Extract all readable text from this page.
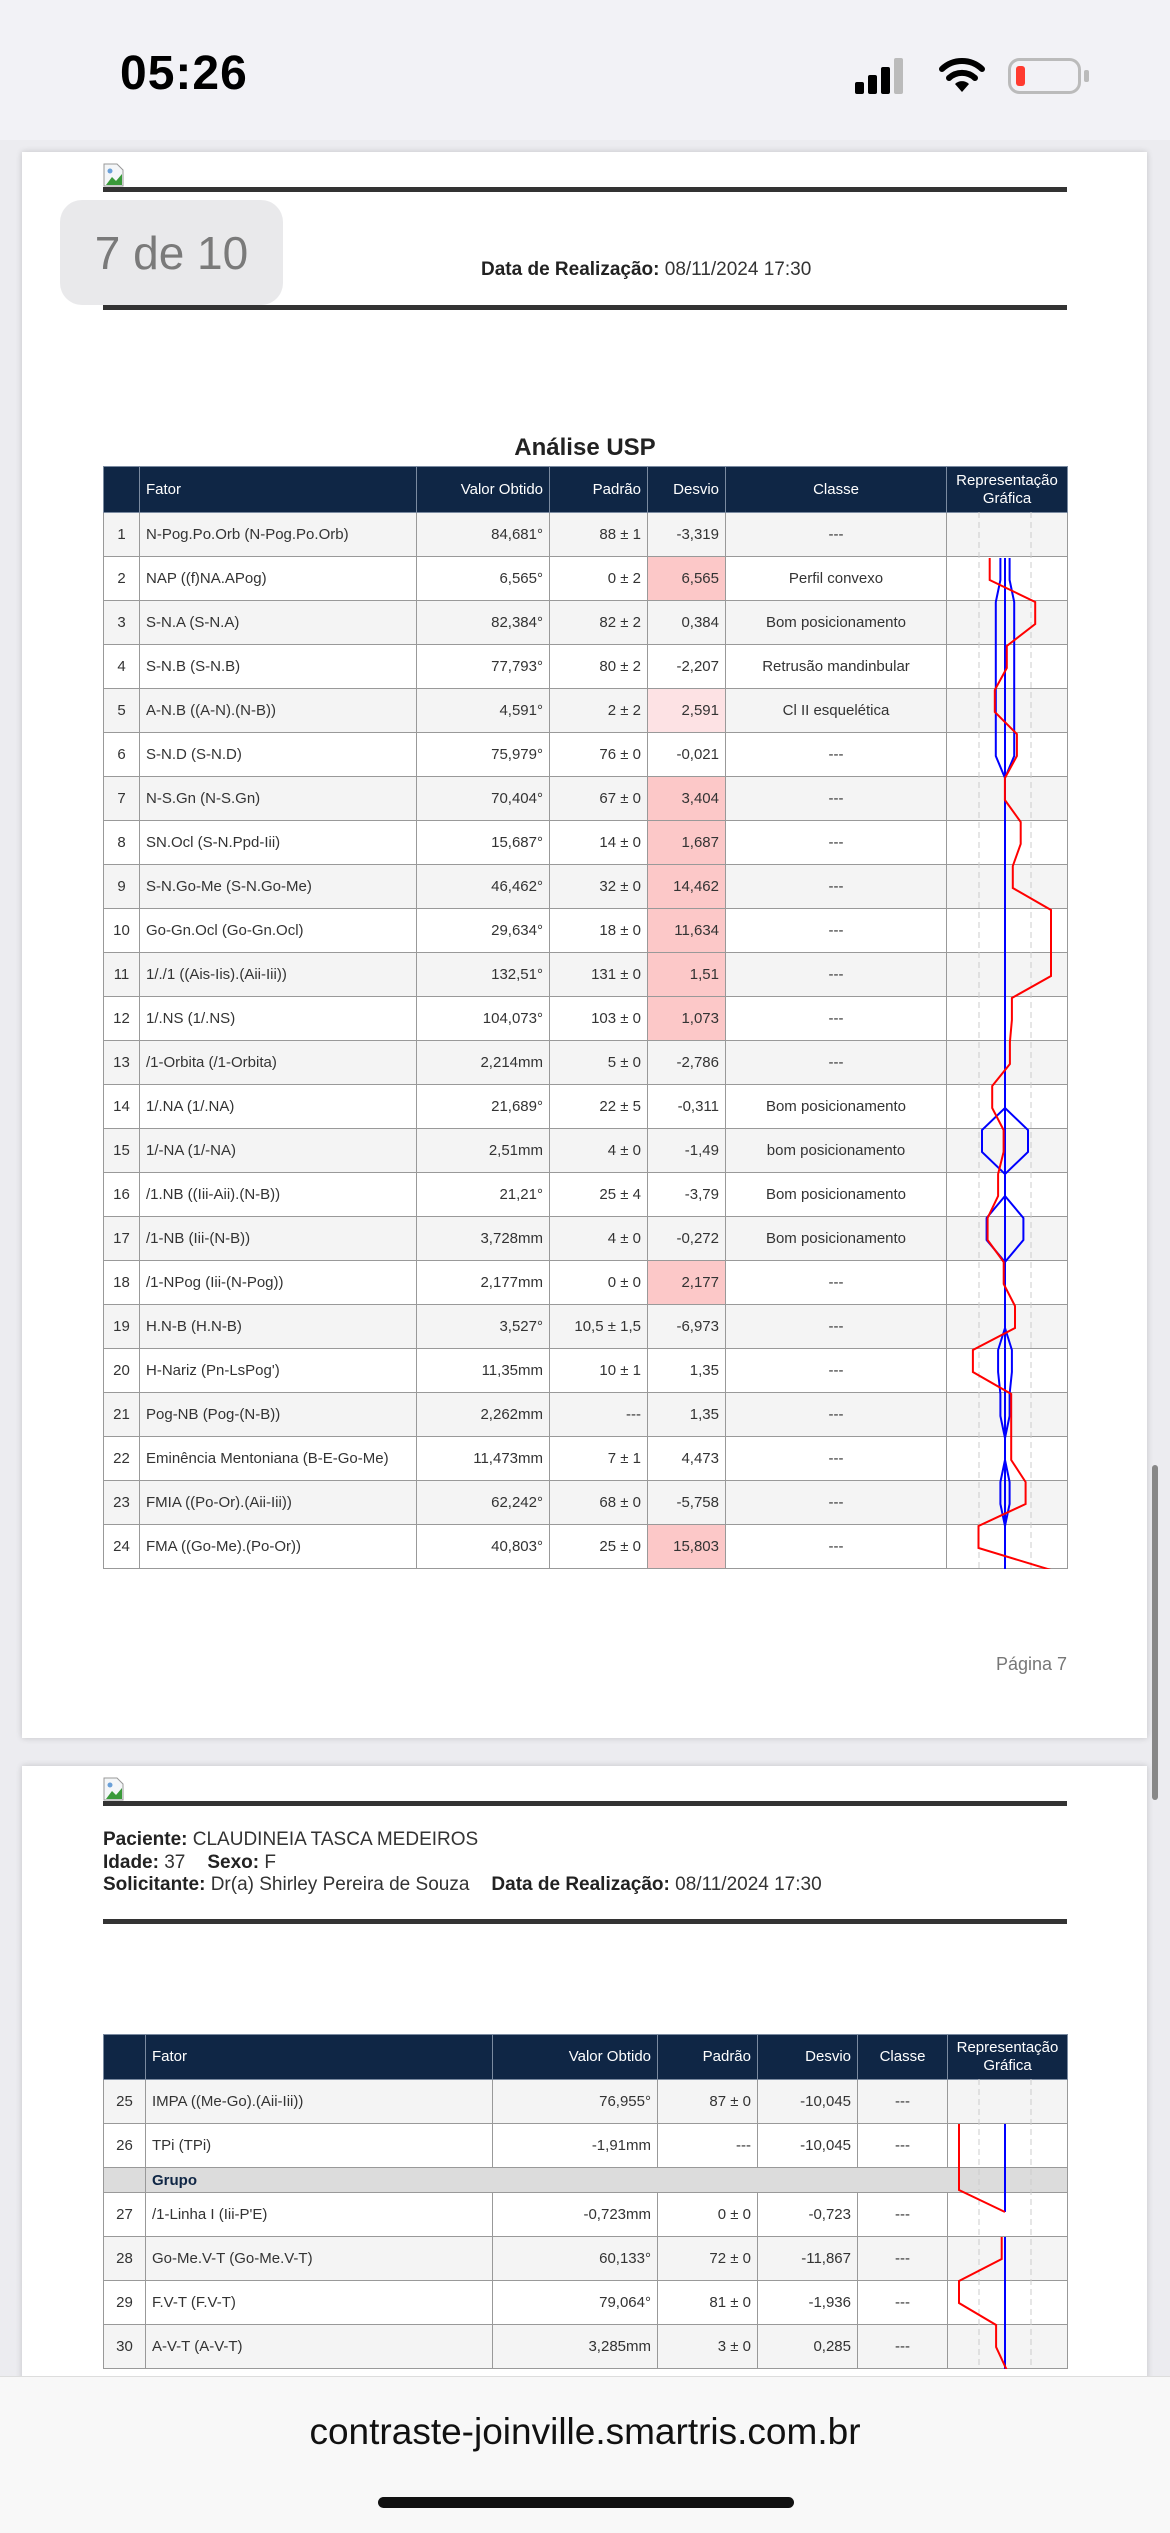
05:26
Data de Realização: 08/11/2024 17:30
7 de 10
Análise USP
	Fator	Valor Obtido	Padrão	Desvio	Classe	Representação Gráfica
1	N-Pog.Po.Orb (N-Pog.Po.Orb)	84,681°	88 ± 1	-3,319	---	
2	NAP ((f)NA.APog)	6,565°	0 ± 2	6,565	Perfil convexo	
3	S-N.A (S-N.A)	82,384°	82 ± 2	0,384	Bom posicionamento	
4	S-N.B (S-N.B)	77,793°	80 ± 2	-2,207	Retrusão mandinbular	
5	A-N.B ((A-N).(N-B))	4,591°	2 ± 2	2,591	Cl II esquelética	
6	S-N.D (S-N.D)	75,979°	76 ± 0	-0,021	---	
7	N-S.Gn (N-S.Gn)	70,404°	67 ± 0	3,404	---	
8	SN.Ocl (S-N.Ppd-Iii)	15,687°	14 ± 0	1,687	---	
9	S-N.Go-Me (S-N.Go-Me)	46,462°	32 ± 0	14,462	---	
10	Go-Gn.Ocl (Go-Gn.Ocl)	29,634°	18 ± 0	11,634	---	
11	1/./1 ((Ais-Iis).(Aii-Iii))	132,51°	131 ± 0	1,51	---	
12	1/.NS (1/.NS)	104,073°	103 ± 0	1,073	---	
13	/1-Orbita (/1-Orbita)	2,214mm	5 ± 0	-2,786	---	
14	1/.NA (1/.NA)	21,689°	22 ± 5	-0,311	Bom posicionamento	
15	1/-NA (1/-NA)	2,51mm	4 ± 0	-1,49	bom posicionamento	
16	/1.NB ((Iii-Aii).(N-B))	21,21°	25 ± 4	-3,79	Bom posicionamento	
17	/1-NB (Iii-(N-B))	3,728mm	4 ± 0	-0,272	Bom posicionamento	
18	/1-NPog (Iii-(N-Pog))	2,177mm	0 ± 0	2,177	---	
19	H.N-B (H.N-B)	3,527°	10,5 ± 1,5	-6,973	---	
20	H-Nariz (Pn-LsPog')	11,35mm	10 ± 1	1,35	---	
21	Pog-NB (Pog-(N-B))	2,262mm	---	1,35	---	
22	Eminência Mentoniana (B-E-Go-Me)	11,473mm	7 ± 1	4,473	---	
23	FMIA ((Po-Or).(Aii-Iii))	62,242°	68 ± 0	-5,758	---	
24	FMA ((Go-Me).(Po-Or))	40,803°	25 ± 0	15,803	---	
Página 7
Paciente: CLAUDINEIA TASCA MEDEIROS
Idade: 37 Sexo: F
Solicitante: Dr(a) Shirley Pereira de Souza Data de Realização: 08/11/2024 17:30
	Fator	Valor Obtido	Padrão	Desvio	Classe	Representação Gráfica
25	IMPA ((Me-Go).(Aii-Iii))	76,955°	87 ± 0	-10,045	---	
26	TPi (TPi)	-1,91mm	---	-10,045	---	
	Grupo					
27	/1-Linha I (Iii-P'E)	-0,723mm	0 ± 0	-0,723	---	
28	Go-Me.V-T (Go-Me.V-T)	60,133°	72 ± 0	-11,867	---	
29	F.V-T (F.V-T)	79,064°	81 ± 0	-1,936	---	
30	A-V-T (A-V-T)	3,285mm	3 ± 0	0,285	---	
contraste-joinville.smartris.com.br
